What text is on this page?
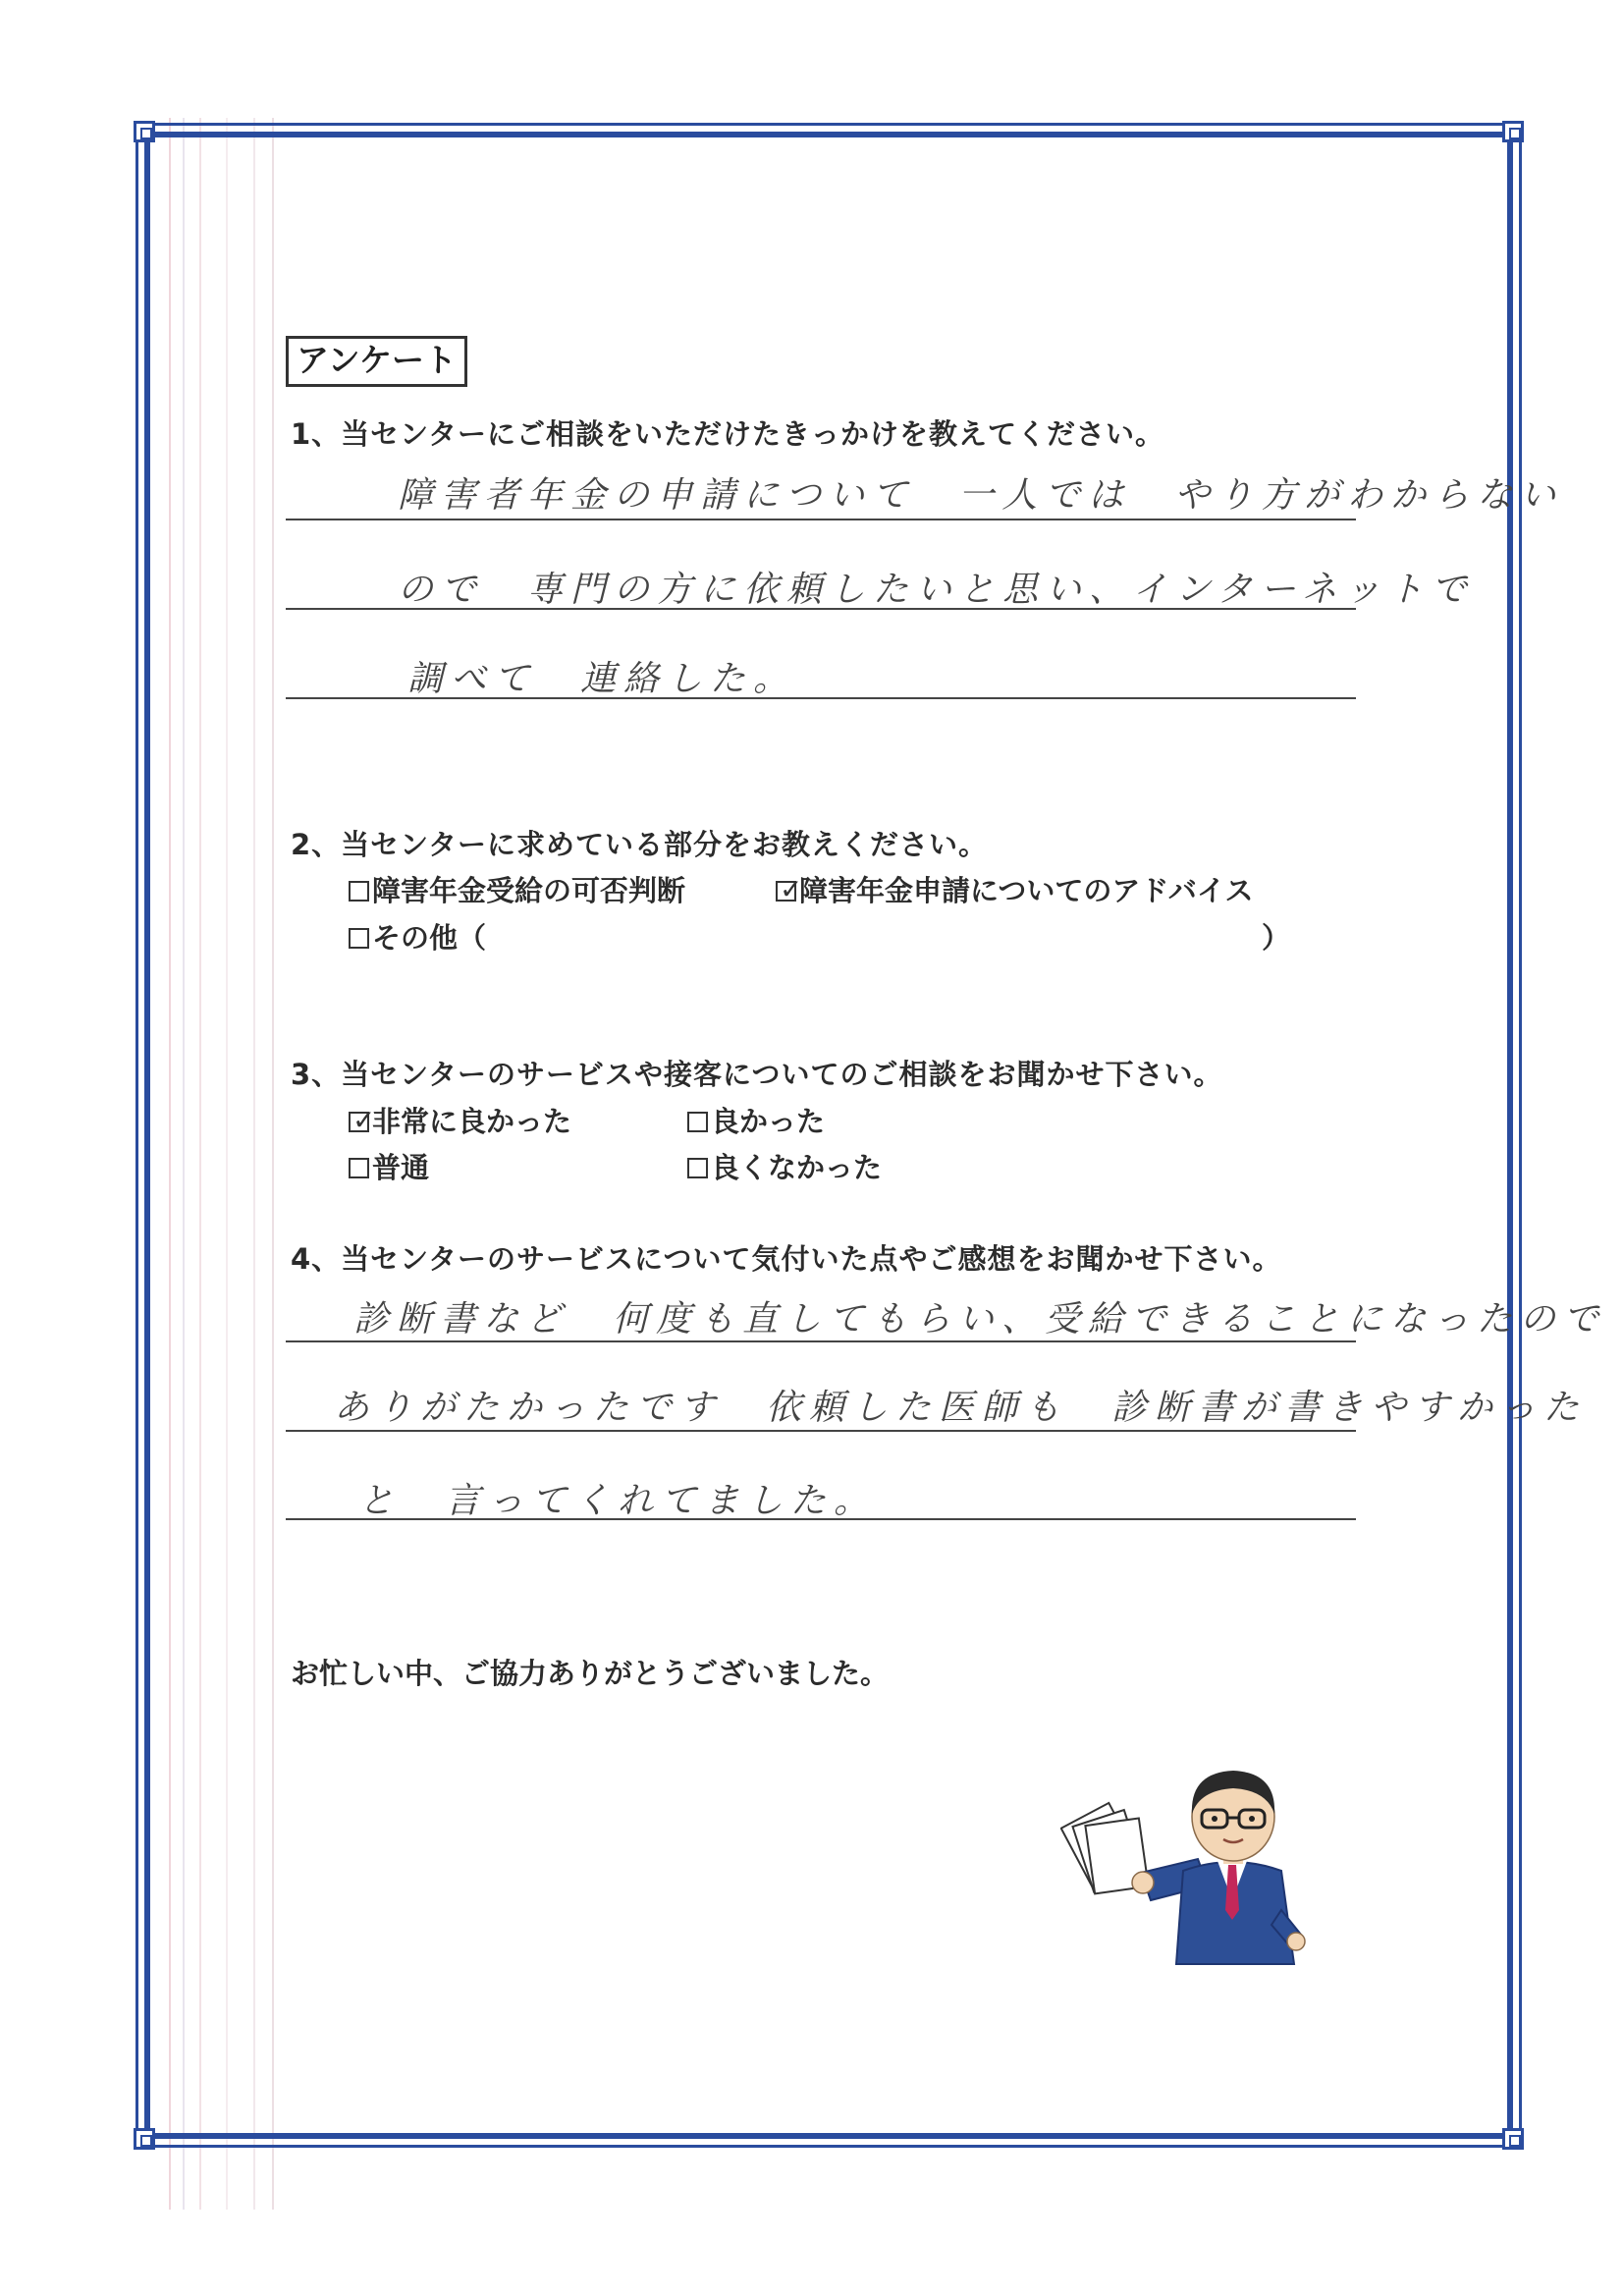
アンケート
1、当センターにご相談をいただけたきっかけを教えてください。
障害者年金の申請について　一人では　やり方がわからない
ので　専門の方に依頼したいと思い、インターネットで
調べて　連絡した。
2、当センターに求めている部分をお教えください。
障害年金受給の可否判断	✓
障害年金申請についてのアドバイス
その他（	）
3、当センターのサービスや接客についてのご相談をお聞かせ下さい。
✓
非常に良かった	良かった
普通	良くなかった
4、当センターのサービスについて気付いた点やご感想をお聞かせ下さい。
診断書など　何度も直してもらい、受給できることになったので
ありがたかったです　依頼した医師も　診断書が書きやすかった
と　言ってくれてました。
お忙しい中、ご協力ありがとうございました。
